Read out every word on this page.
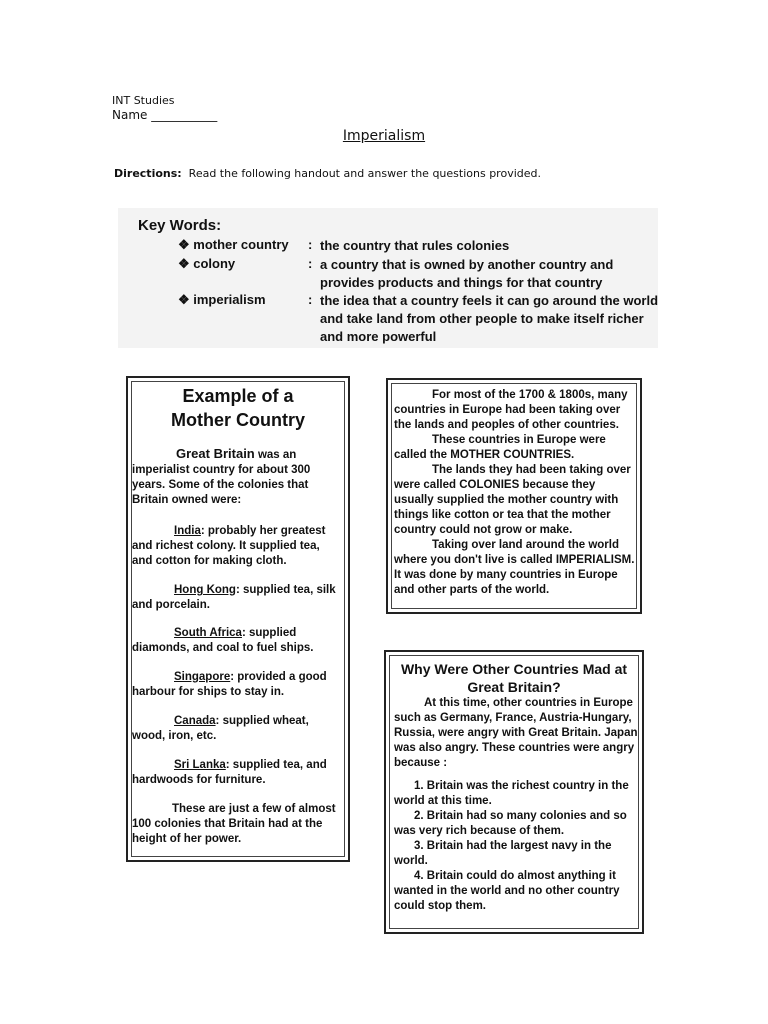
INT Studies
Name ___________
Imperialism
Directions: Read the following handout and answer the questions provided.
Key Words:
❖ mother country : the country that rules colonies
❖ colony	: a country that is owned by another country and provides products and things for that country
❖ imperialism	: the idea that a country feels it can go around the world and take land from other people to make itself richer and more powerful
Example of a
Mother Country
Great Britain was an imperialist country for about 300 years. Some of the colonies that Britain owned were:
India: probably her greatest and richest colony. It supplied tea, and cotton for making cloth.
Hong Kong: supplied tea, silk and porcelain.
South Africa: supplied diamonds, and coal to fuel ships.
Singapore: provided a good harbour for ships to stay in.
Canada: supplied wheat, wood, iron, etc.
Sri Lanka: supplied tea, and hardwoods for furniture.
These are just a few of almost 100 colonies that Britain had at the height of her power.
For most of the 1700 & 1800s, many countries in Europe had been taking over the lands and peoples of other countries.
These countries in Europe were called the MOTHER COUNTRIES.
The lands they had been taking over were called COLONIES because they usually supplied the mother country with things like cotton or tea that the mother country could not grow or make.
Taking over land around the world where you don't live is called IMPERIALISM. It was done by many countries in Europe and other parts of the world.
Why Were Other Countries Mad at Great Britain?
At this time, other countries in Europe such as Germany, France, Austria-Hungary, Russia, were angry with Great Britain. Japan was also angry. These countries were angry because :
1. Britain was the richest country in the world at this time.
2. Britain had so many colonies and so was very rich because of them.
3. Britain had the largest navy in the world.
4. Britain could do almost anything it wanted in the world and no other country could stop them.
